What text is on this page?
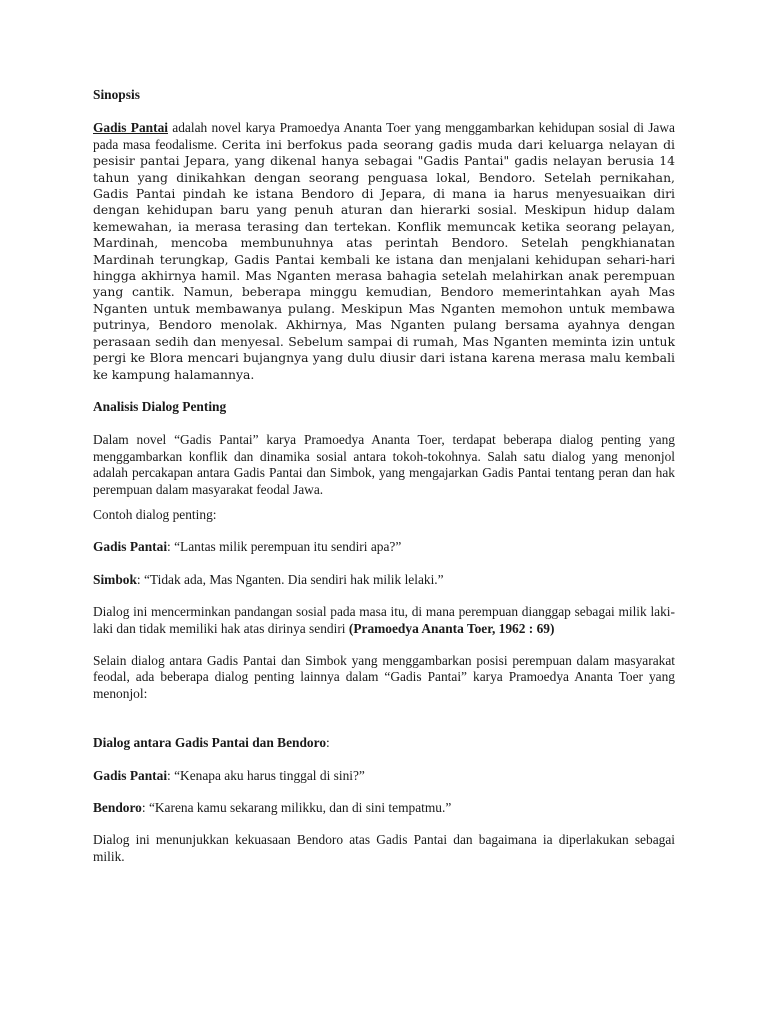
Sinopsis

Gadis Pantai adalah novel karya Pramoedya Ananta Toer yang menggambarkan kehidupan sosial di Jawa pada masa feodalisme. Cerita ini berfokus pada seorang gadis muda dari keluarga nelayan di pesisir pantai Jepara, yang dikenal hanya sebagai "Gadis Pantai" gadis nelayan berusia 14 tahun yang dinikahkan dengan seorang penguasa lokal, Bendoro. Setelah pernikahan, Gadis Pantai pindah ke istana Bendoro di Jepara, di mana ia harus menyesuaikan diri dengan kehidupan baru yang penuh aturan dan hierarki sosial. Meskipun hidup dalam kemewahan, ia merasa terasing dan tertekan. Konflik memuncak ketika seorang pelayan, Mardinah, mencoba membunuhnya atas perintah Bendoro. Setelah pengkhianatan Mardinah terungkap, Gadis Pantai kembali ke istana dan menjalani kehidupan sehari-hari hingga akhirnya hamil. Mas Nganten merasa bahagia setelah melahirkan anak perempuan yang cantik. Namun, beberapa minggu kemudian, Bendoro memerintahkan ayah Mas Nganten untuk membawanya pulang. Meskipun Mas Nganten memohon untuk membawa putrinya, Bendoro menolak. Akhirnya, Mas Nganten pulang bersama ayahnya dengan perasaan sedih dan menyesal. Sebelum sampai di rumah, Mas Nganten meminta izin untuk pergi ke Blora mencari bujangnya yang dulu diusir dari istana karena merasa malu kembali ke kampung halamannya.

Analisis Dialog Penting

Dalam novel “Gadis Pantai” karya Pramoedya Ananta Toer, terdapat beberapa dialog penting yang menggambarkan konflik dan dinamika sosial antara tokoh-tokohnya. Salah satu dialog yang menonjol adalah percakapan antara Gadis Pantai dan Simbok, yang mengajarkan Gadis Pantai tentang peran dan hak perempuan dalam masyarakat feodal Jawa.

Contoh dialog penting:

Gadis Pantai: “Lantas milik perempuan itu sendiri apa?”

Simbok: “Tidak ada, Mas Nganten. Dia sendiri hak milik lelaki.”

Dialog ini mencerminkan pandangan sosial pada masa itu, di mana perempuan dianggap sebagai milik laki-laki dan tidak memiliki hak atas dirinya sendiri (Pramoedya Ananta Toer, 1962 : 69)

Selain dialog antara Gadis Pantai dan Simbok yang menggambarkan posisi perempuan dalam masyarakat feodal, ada beberapa dialog penting lainnya dalam “Gadis Pantai” karya Pramoedya Ananta Toer yang menonjol:

Dialog antara Gadis Pantai dan Bendoro:

Gadis Pantai: “Kenapa aku harus tinggal di sini?”

Bendoro: “Karena kamu sekarang milikku, dan di sini tempatmu.”

Dialog ini menunjukkan kekuasaan Bendoro atas Gadis Pantai dan bagaimana ia diperlakukan sebagai milik.
